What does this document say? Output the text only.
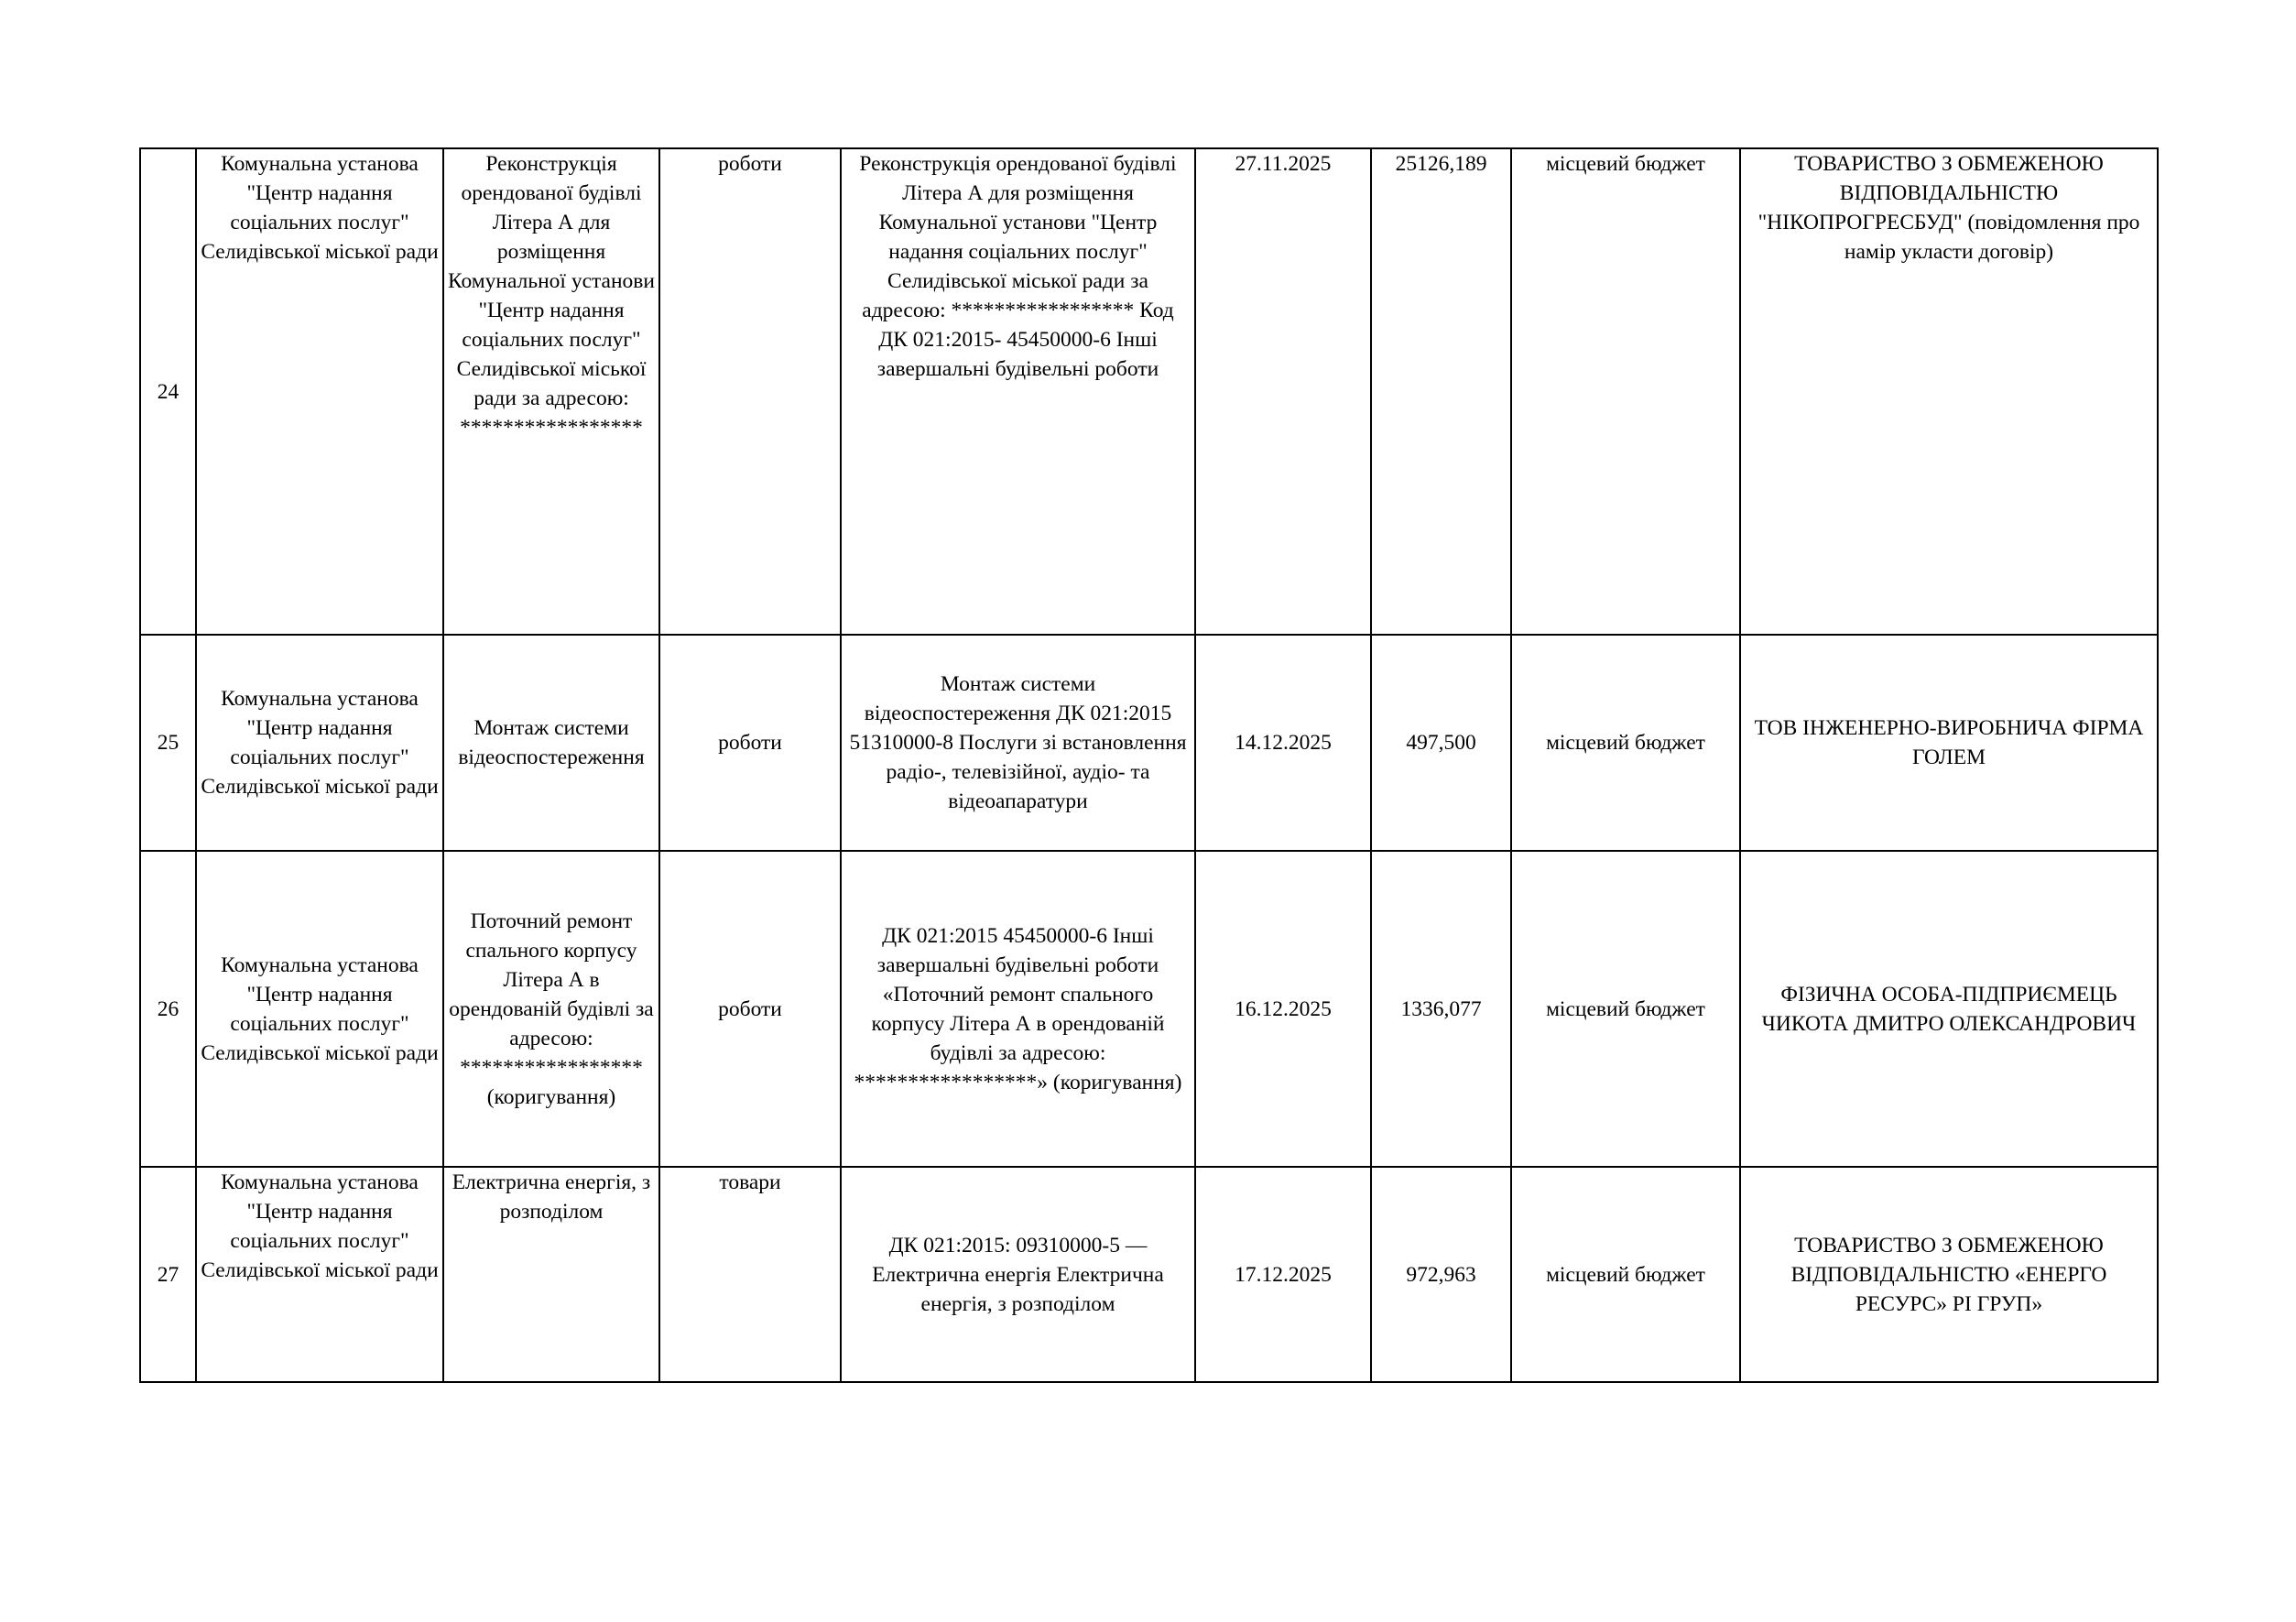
24	Комунальна установа "Центр надання соціальних послуг" Селидівської міської ради	Реконструкція орендованої будівлі Літера А для розміщення Комунальної установи "Центр надання соціальних послуг" Селидівської міської ради за адресою: *****************	роботи	Реконструкція орендованої будівлі Літера А для розміщення Комунальної установи "Центр надання соціальних послуг" Селидівської міської ради за адресою: ***************** Код ДК 021:2015- 45450000-6 Інші завершальні будівельні роботи	27.11.2025	25126,189	місцевий бюджет	ТОВАРИСТВО З ОБМЕЖЕНОЮ ВІДПОВІДАЛЬНІСТЮ "НІКОПРОГРЕСБУД" (повідомлення про намір укласти договір)
25	Комунальна установа "Центр надання соціальних послуг" Селидівської міської ради	Монтаж системи відеоспостереження	роботи	Монтаж системи відеоспостереження ДК 021:2015 51310000-8 Послуги зі встановлення радіо-, телевізійної, аудіо- та відеоапаратури	14.12.2025	497,500	місцевий бюджет	ТОВ ІНЖЕНЕРНО-ВИРОБНИЧА ФІРМА ГОЛЕМ
26	Комунальна установа "Центр надання соціальних послуг" Селидівської міської ради	Поточний ремонт спального корпусу Літера А в орендованій будівлі за адресою: ***************** (коригування)	роботи	ДК 021:2015 45450000-6 Інші завершальні будівельні роботи «Поточний ремонт спального корпусу Літера А в орендованій будівлі за адресою: *****************» (коригування)	16.12.2025	1336,077	місцевий бюджет	ФІЗИЧНА ОСОБА-ПІДПРИЄМЕЦЬ ЧИКОТА ДМИТРО ОЛЕКСАНДРОВИЧ
27	Комунальна установа "Центр надання соціальних послуг" Селидівської міської ради	Електрична енергія, з розподілом	товари	ДК 021:2015: 09310000-5 — Електрична енергія Електрична енергія, з розподілом	17.12.2025	972,963	місцевий бюджет	ТОВАРИСТВО З ОБМЕЖЕНОЮ ВІДПОВІДАЛЬНІСТЮ «ЕНЕРГО РЕСУРС» РІ ГРУП»
